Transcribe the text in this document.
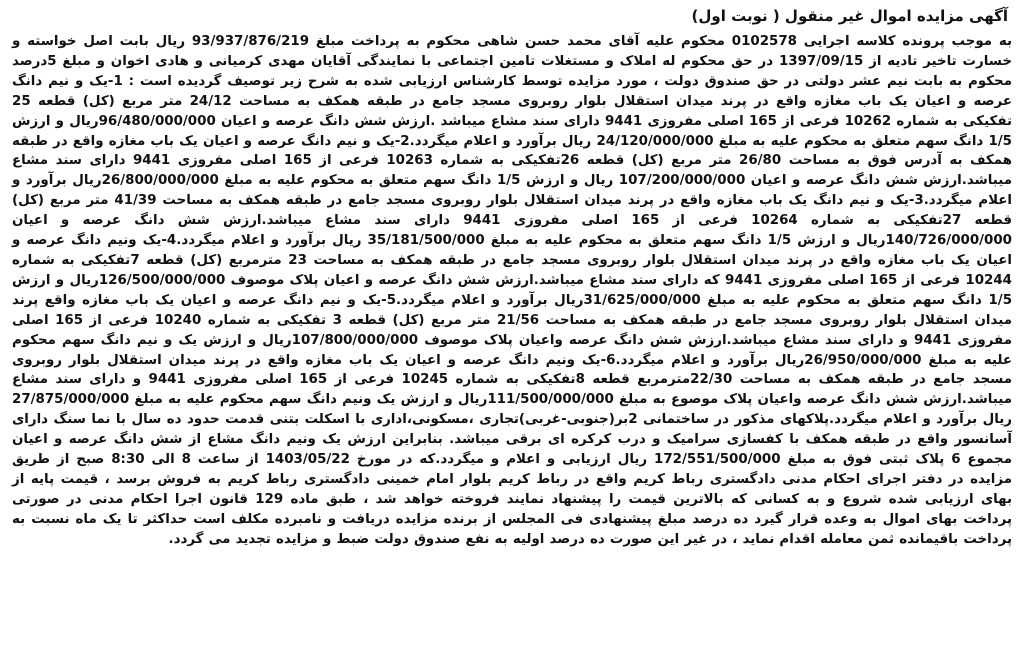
آگهی مزایده اموال غیر منقول ( نوبت اول)

به موجب پرونده کلاسه اجرایی 0102578 محکوم علیه آقای محمد حسن شاهی محکوم به پرداخت مبلغ 93/937/876/219 ریال بابت اصل خواسته و خسارت تاخیر تادیه از 1397/09/15 در حق محکوم له املاک و مستغلات تامین اجتماعی با نمایندگی آقایان مهدی کرمیانی و هادی اخوان و مبلغ 5درصد محکوم به بابت نیم عشر دولتی در حق صندوق دولت ، مورد مزایده توسط کارشناس ارزیابی شده به شرح زیر توصیف گردیده است : 1-یک و نیم دانگ عرصه و اعیان یک باب مغازه واقع در پرند میدان استقلال بلوار روبروی مسجد جامع در طبقه همکف به مساحت 24/12 متر مربع (کل) قطعه 25 تفکیکی به شماره 10262 فرعی از 165 اصلی مفروزی 9441 دارای سند مشاع میباشد .ارزش شش دانگ عرصه و اعیان 96/480/000/000ریال و ارزش 1/5 دانگ سهم متعلق به محکوم علیه به مبلغ 24/120/000/000 ریال برآورد و اعلام میگردد.2-یک و نیم دانگ عرصه و اعیان یک باب مغازه واقع در طبقه همکف به آدرس فوق به مساحت 26/80 متر مربع (کل) قطعه 26تفکیکی به شماره 10263 فرعی از 165 اصلی مفروزی 9441 دارای سند مشاع میباشد.ارزش شش دانگ عرصه و اعیان 107/200/000/000 ریال و ارزش 1/5 دانگ سهم متعلق به محکوم علیه به مبلغ 26/800/000/000ریال برآورد و اعلام میگردد.3-یک و نیم دانگ یک باب مغازه واقع در پرند میدان استقلال بلوار روبروی مسجد جامع در طبقه همکف به مساحت 41/39 متر مربع (کل) قطعه 27تفکیکی به شماره 10264 فرعی از 165 اصلی مفروزی 9441 دارای سند مشاع میباشد.ارزش شش دانگ عرصه و اعیان 140/726/000/000ریال و ارزش 1/5 دانگ سهم متعلق به محکوم علیه به مبلغ 35/181/500/000 ریال برآورد و اعلام میگردد.4-یک ونیم دانگ عرصه و اعیان یک باب مغازه واقع در پرند میدان استقلال بلوار روبروی مسجد جامع در طبقه همکف به مساحت 23 مترمربع (کل) قطعه 7تفکیکی به شماره 10244 فرعی از 165 اصلی مفروزی 9441 که دارای سند مشاع میباشد.ارزش شش دانگ عرصه و اعیان پلاک موصوف 126/500/000/000ریال و ارزش 1/5 دانگ سهم متعلق به محکوم علیه به مبلغ 31/625/000/000ریال برآورد و اعلام میگردد.5-یک و نیم دانگ عرصه و اعیان یک باب مغازه واقع پرند میدان استقلال بلوار روبروی مسجد جامع در طبقه همکف به مساحت 21/56 متر مربع (کل) قطعه 3 تفکیکی به شماره 10240 فرعی از 165 اصلی مفروزی 9441 و دارای سند مشاع میباشد.ارزش شش دانگ عرصه واعیان پلاک موصوف 107/800/000/000ریال و ارزش یک و نیم دانگ سهم محکوم علیه به مبلغ 26/950/000/000ریال برآورد و اعلام میگردد.6-یک ونیم دانگ عرصه و اعیان یک باب مغازه واقع در پرند میدان استقلال بلوار روبروی مسجد جامع در طبقه همکف به مساحت 22/30مترمربع قطعه 8تفکیکی به شماره 10245 فرعی از 165 اصلی مفروزی 9441 و دارای سند مشاع میباشد.ارزش شش دانگ عرصه واعیان پلاک موصوع به مبلغ 111/500/000/000ریال و ارزش یک ونیم دانگ سهم محکوم علیه به مبلغ 27/875/000/000 ریال برآورد و اعلام میگردد.پلاکهای مذکور در ساختمانی 2بر(جنوبی-غربی)تجاری ،مسکونی،اداری با اسکلت بتنی قدمت حدود ده سال با نما سنگ دارای آسانسور واقع در طبقه همکف با کفسازی سرامیک و درب کرکره ای برقی میباشد. بنابراین ارزش یک ونیم دانگ مشاع از شش دانگ عرصه و اعیان مجموع 6 پلاک ثبتی فوق به مبلغ 172/551/500/000 ریال ارزیابی و اعلام و میگردد.که در مورخ 1403/05/22 از ساعت 8 الی 8:30 صبح از طریق مزایده در دفتر اجرای احکام مدنی دادگستری رباط کریم واقع در رباط کریم بلوار امام خمینی دادگستری رباط کریم به فروش برسد ، قیمت پایه از بهای ارزیابی شده شروع و به کسانی که بالاترین قیمت را پیشنهاد نمایند فروخته خواهد شد ، طبق ماده 129 قانون اجرا احکام مدنی در صورتی پرداخت بهای اموال به وعده قرار گیرد ده درصد مبلغ پیشنهادی فی المجلس از برنده مزایده دریافت و نامبرده مکلف است حداکثر تا یک ماه نسبت به پرداخت باقیمانده ثمن معامله اقدام نماید ، در غیر این صورت ده درصد اولیه به نفع صندوق دولت ضبط و مزایده تجدید می گردد.
